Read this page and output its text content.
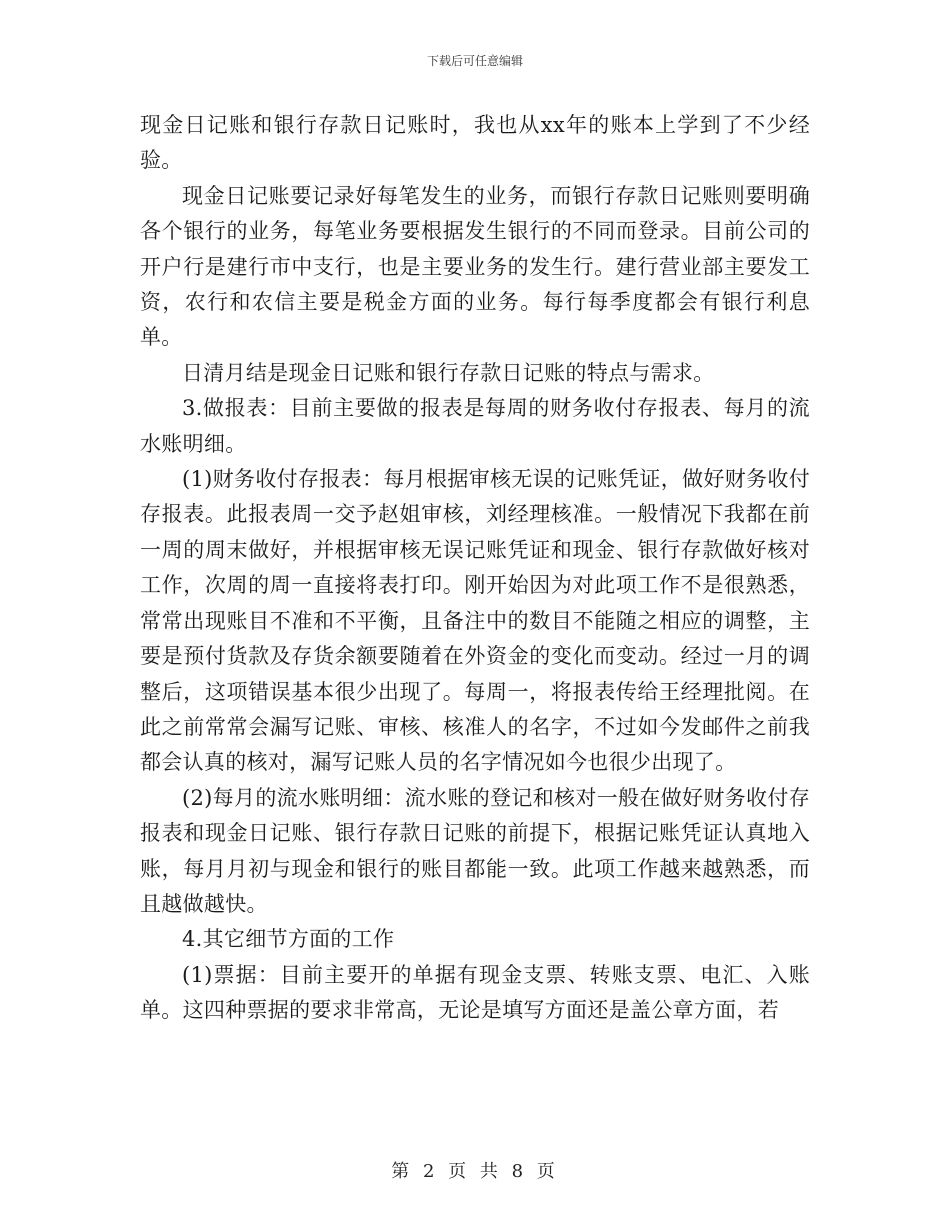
下载后可任意编辑

现金日记账和银行存款日记账时，我也从xx年的账本上学到了不少经验。

现金日记账要记录好每笔发生的业务，而银行存款日记账则要明确各个银行的业务，每笔业务要根据发生银行的不同而登录。目前公司的开户行是建行市中支行，也是主要业务的发生行。建行营业部主要发工资，农行和农信主要是税金方面的业务。每行每季度都会有银行利息单。

日清月结是现金日记账和银行存款日记账的特点与需求。

3.做报表：目前主要做的报表是每周的财务收付存报表、每月的流水账明细。

(1)财务收付存报表：每月根据审核无误的记账凭证，做好财务收付存报表。此报表周一交予赵姐审核，刘经理核准。一般情况下我都在前一周的周末做好，并根据审核无误记账凭证和现金、银行存款做好核对工作，次周的周一直接将表打印。刚开始因为对此项工作不是很熟悉，常常出现账目不准和不平衡，且备注中的数目不能随之相应的调整，主要是预付货款及存货余额要随着在外资金的变化而变动。经过一月的调整后，这项错误基本很少出现了。每周一，将报表传给王经理批阅。在此之前常常会漏写记账、审核、核准人的名字，不过如今发邮件之前我都会认真的核对，漏写记账人员的名字情况如今也很少出现了。

(2)每月的流水账明细：流水账的登记和核对一般在做好财务收付存报表和现金日记账、银行存款日记账的前提下，根据记账凭证认真地入账，每月月初与现金和银行的账目都能一致。此项工作越来越熟悉，而且越做越快。

4.其它细节方面的工作

(1)票据：目前主要开的单据有现金支票、转账支票、电汇、入账单。这四种票据的要求非常高，无论是填写方面还是盖公章方面，若

第 2 页 共 8 页
